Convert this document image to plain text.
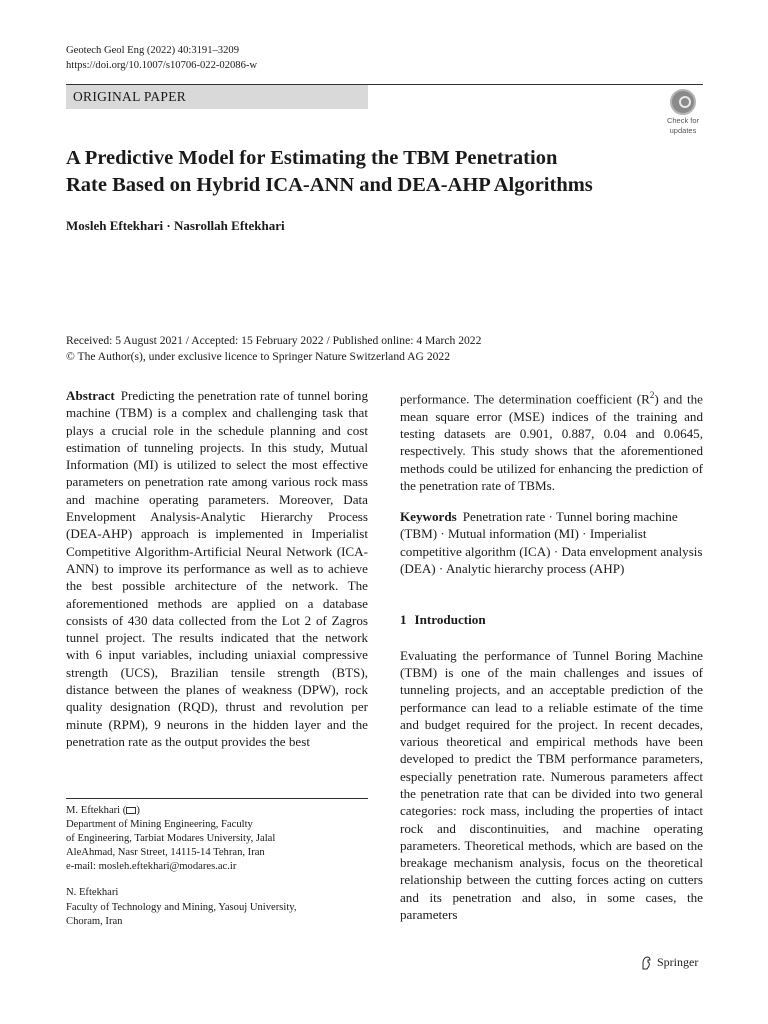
Geotech Geol Eng (2022) 40:3191–3209
https://doi.org/10.1007/s10706-022-02086-w
ORIGINAL PAPER
Check for
updates
A Predictive Model for Estimating the TBM Penetration
Rate Based on Hybrid ICA-ANN and DEA-AHP Algorithms
Mosleh Eftekhari · Nasrollah Eftekhari
Received: 5 August 2021 / Accepted: 15 February 2022 / Published online: 4 March 2022
© The Author(s), under exclusive licence to Springer Nature Switzerland AG 2022

Abstract Predicting the penetration rate of tunnel boring machine (TBM) is a complex and challenging task that plays a crucial role in the schedule planning and cost estimation of tunneling projects. In this study, Mutual Information (MI) is utilized to select the most effective parameters on penetration rate among various rock mass and machine operating parameters. Moreover, Data Envelopment Analysis-Analytic Hierarchy Process (DEA-AHP) approach is implemented in Imperialist Competitive Algorithm-Artificial Neural Network (ICA-ANN) to improve its performance as well as to achieve the best possible architecture of the network. The aforementioned methods are applied on a database consists of 430 data collected from the Lot 2 of Zagros tunnel project. The results indicated that the network with 6 input variables, including uniaxial compressive strength (UCS), Brazilian tensile strength (BTS), distance between the planes of weakness (DPW), rock quality designation (RQD), thrust and revolution per minute (RPM), 9 neurons in the hidden layer and the penetration rate as the output provides the best

performance. The determination coefficient $(R^2)$ and the mean square error (MSE) indices of the training and testing datasets are 0.901, 0.887, 0.04 and 0.0645, respectively. This study shows that the aforementioned methods could be utilized for enhancing the prediction of the penetration rate of TBMs.

Keywords Penetration rate · Tunnel boring machine (TBM) · Mutual information (MI) · Imperialist competitive algorithm (ICA) · Data envelopment analysis (DEA) · Analytic hierarchy process (AHP)

1 Introduction

Evaluating the performance of Tunnel Boring Machine (TBM) is one of the main challenges and issues of tunneling projects, and an acceptable prediction of the performance can lead to a reliable estimate of the time and budget required for the project. In recent decades, various theoretical and empirical methods have been developed to predict the TBM performance parameters, especially penetration rate. Numerous parameters affect the penetration rate that can be divided into two general categories: rock mass, including the properties of intact rock and discontinuities, and machine operating parameters. Theoretical methods, which are based on the breakage mechanism analysis, focus on the theoretical relationship between the cutting forces acting on cutters and its penetration and also, in some cases, the parameters

M. Eftekhari ( )

Department of Mining Engineering, Faculty

of Engineering, Tarbiat Modares University, Jalal

AleAhmad, Nasr Street, 14115-14 Tehran, Iran

e-mail: mosleh.eftekhari@modares.ac.ir

N. Eftekhari

Faculty of Technology and Mining, Yasouj University,

Choram, Iran

Springer
